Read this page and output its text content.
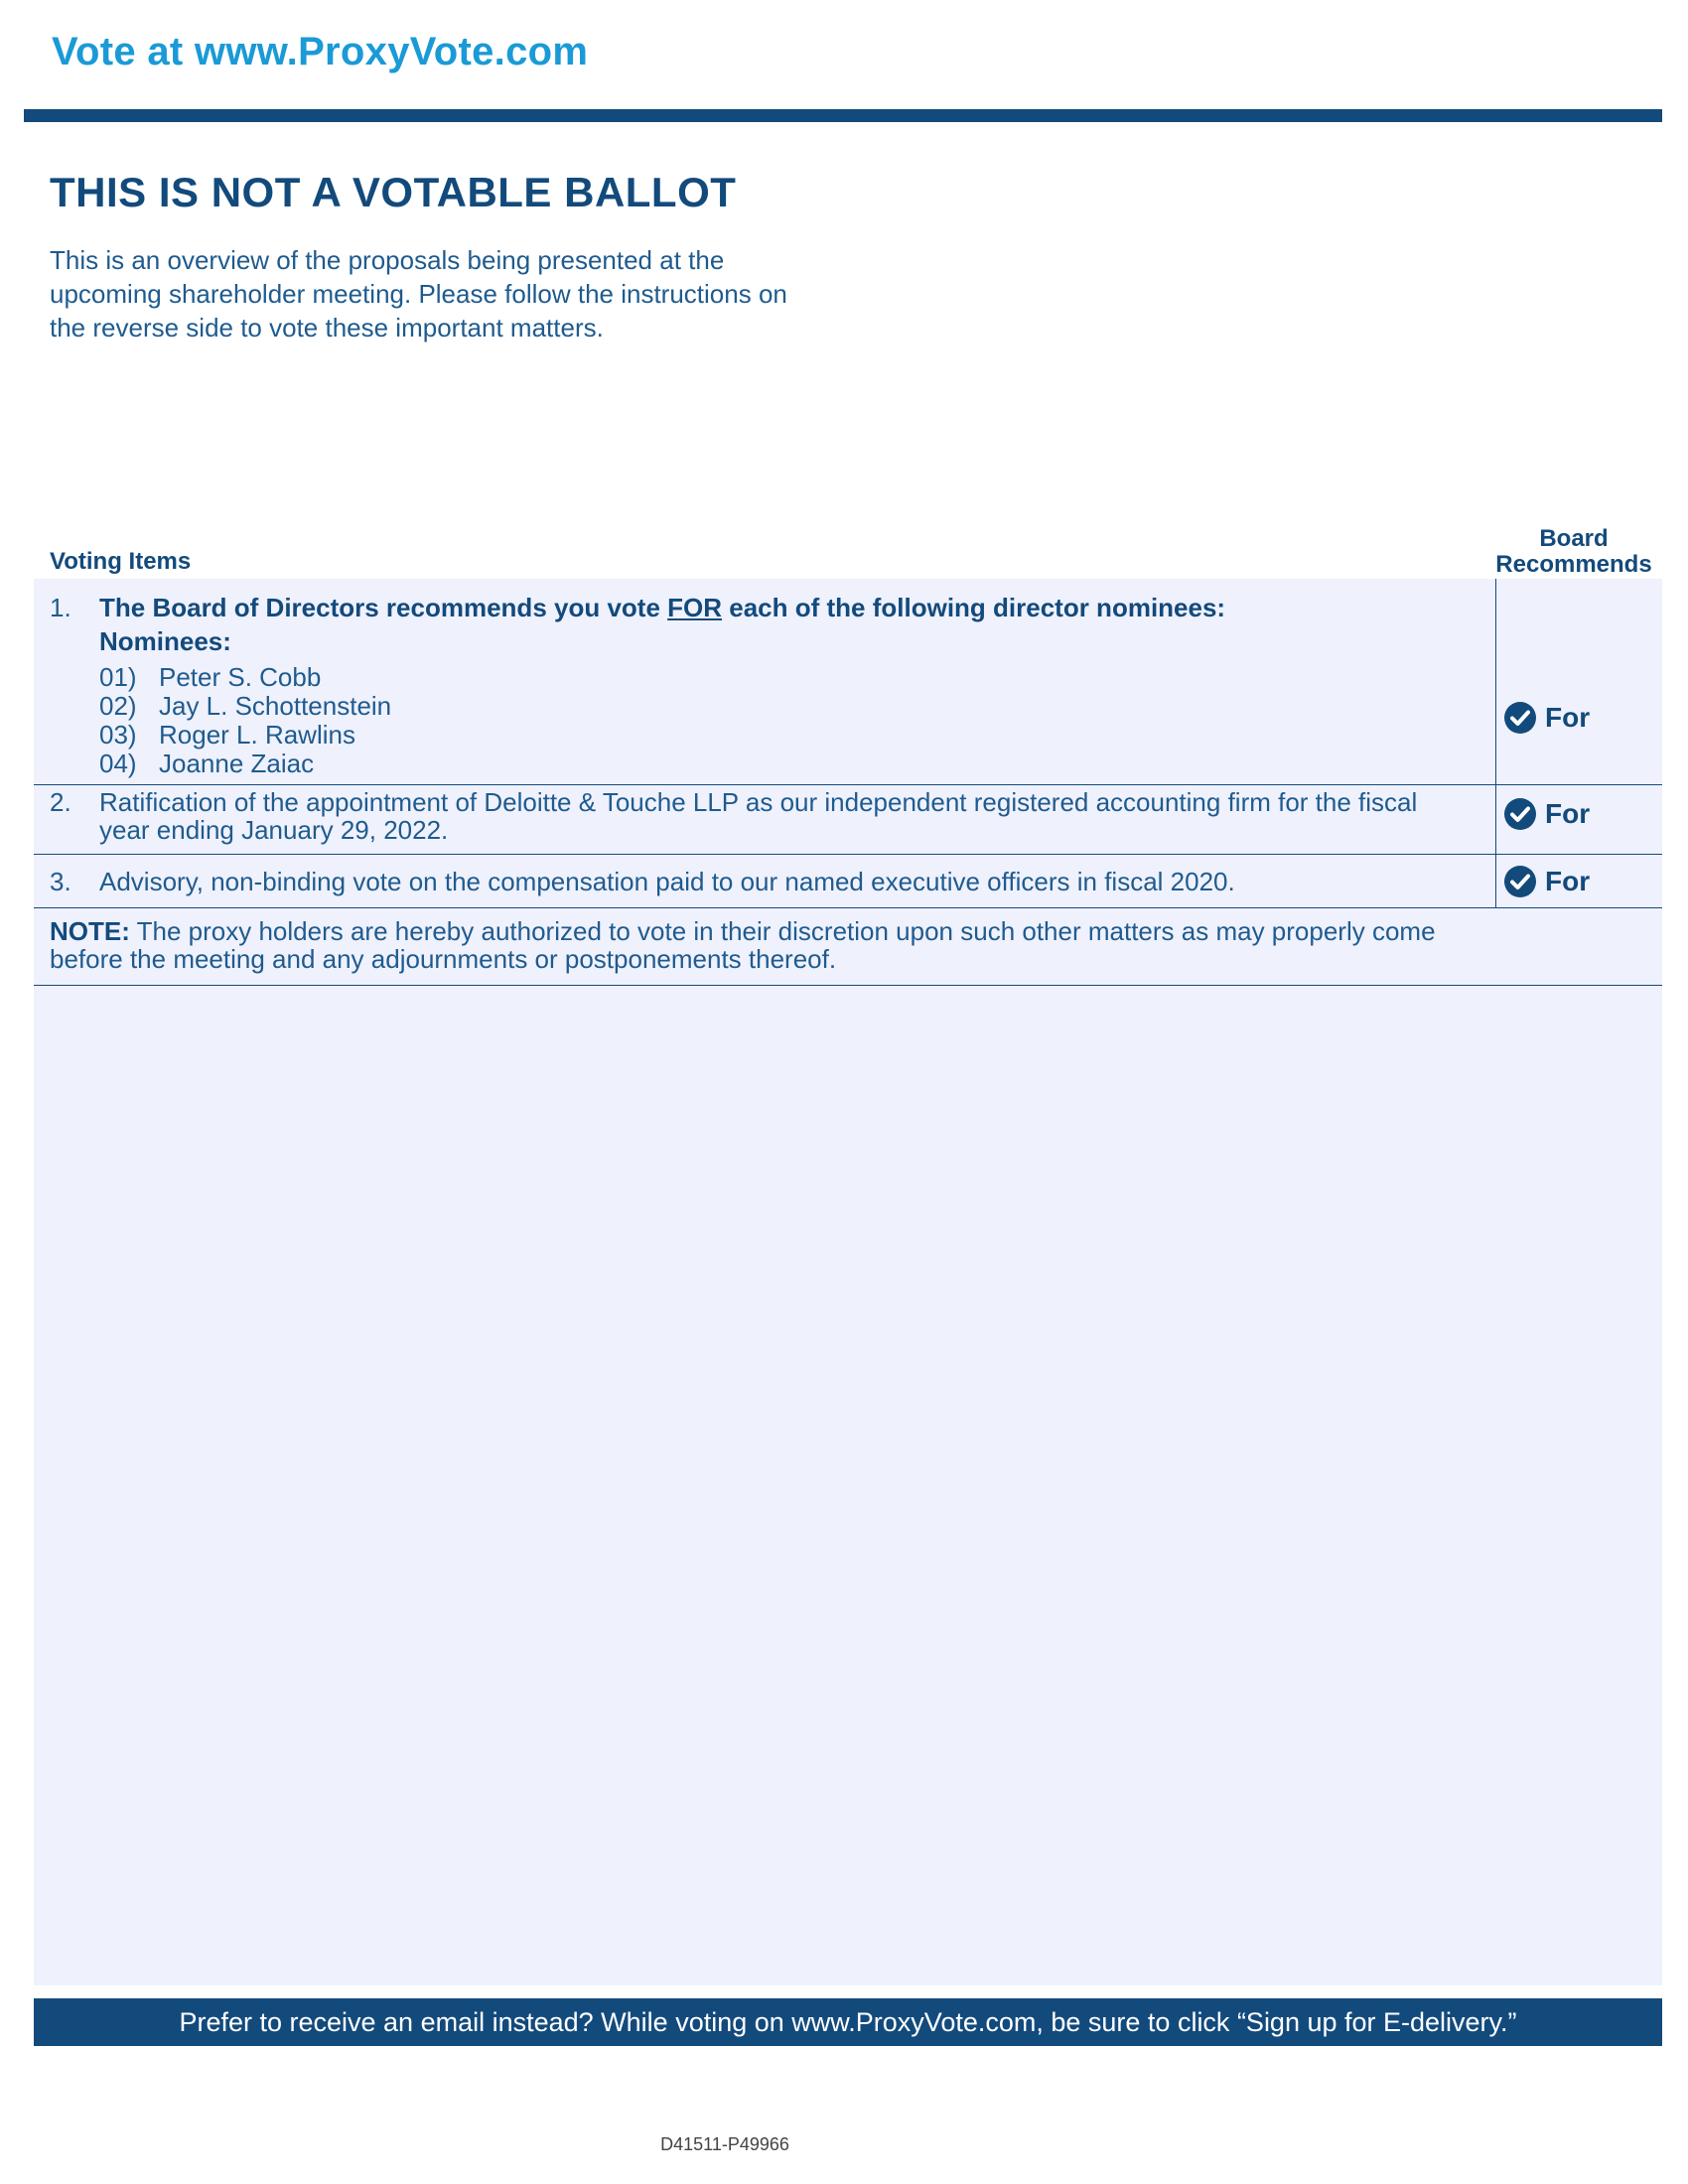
Vote at www.ProxyVote.com
THIS IS NOT A VOTABLE BALLOT
This is an overview of the proposals being presented at the
upcoming shareholder meeting. Please follow the instructions on
the reverse side to vote these important matters.
Voting Items
Board
Recommends
1. The Board of Directors recommends you vote FOR each of the following director nominees:
Nominees:
01) Peter S. Cobb
02) Jay L. Schottenstein
03) Roger L. Rawlins
04) Joanne Zaiac
For
2. Ratification of the appointment of Deloitte & Touche LLP as our independent registered accounting firm for the fiscal
year ending January 29, 2022.
For
3. Advisory, non-binding vote on the compensation paid to our named executive officers in fiscal 2020.	For
NOTE: The proxy holders are hereby authorized to vote in their discretion upon such other matters as may properly come
before the meeting and any adjournments or postponements thereof.
Prefer to receive an email instead? While voting on www.ProxyVote.com, be sure to click “Sign up for E-delivery.”
D41511-P49966
